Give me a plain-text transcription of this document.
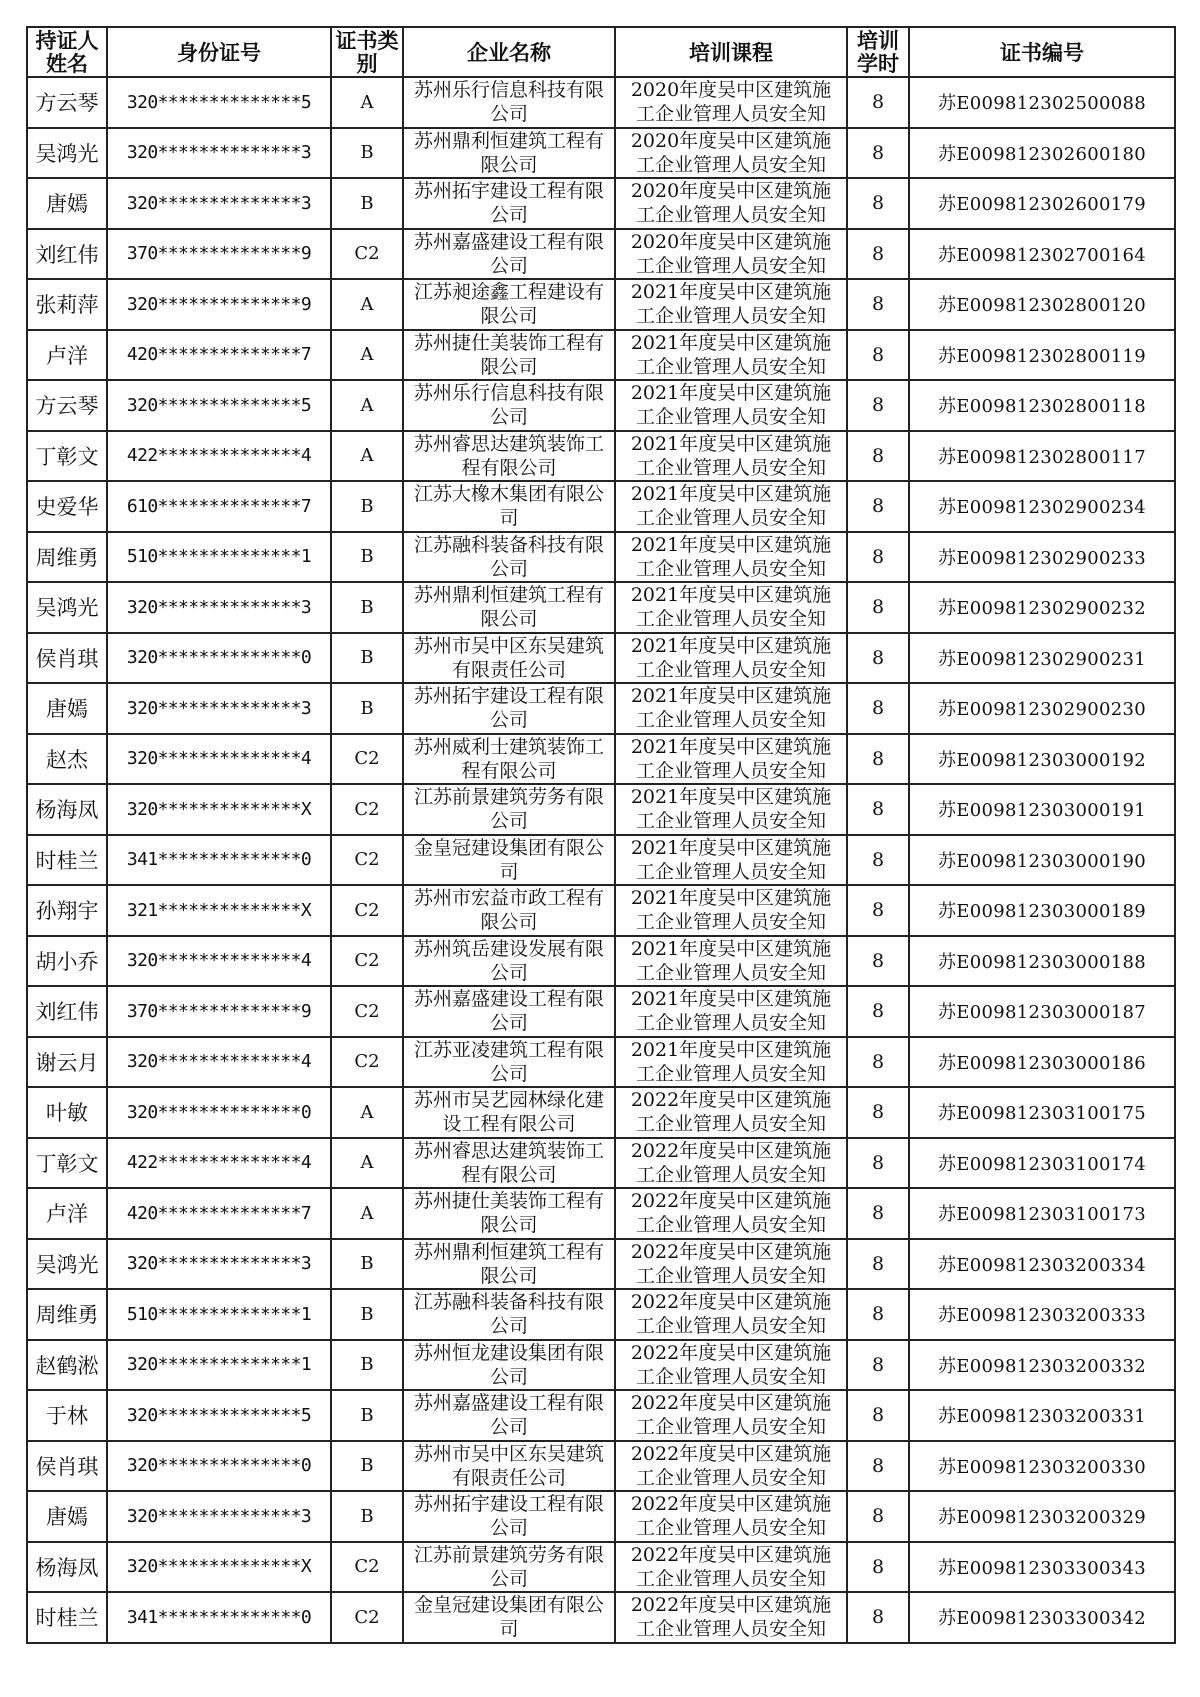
持证人姓名	身份证号	证书类别	企业名称	培训课程	培训学时	证书编号
方云琴	320**************5	A	苏州乐行信息科技有限公司	2020年度吴中区建筑施工企业管理人员安全知	8	苏E009812302500088
吴鸿光	320**************3	B	苏州鼎利恒建筑工程有限公司	2020年度吴中区建筑施工企业管理人员安全知	8	苏E009812302600180
唐嫣	320**************3	B	苏州拓宇建设工程有限公司	2020年度吴中区建筑施工企业管理人员安全知	8	苏E009812302600179
刘红伟	370**************9	C2	苏州嘉盛建设工程有限公司	2020年度吴中区建筑施工企业管理人员安全知	8	苏E009812302700164
张莉萍	320**************9	A	江苏昶途鑫工程建设有限公司	2021年度吴中区建筑施工企业管理人员安全知	8	苏E009812302800120
卢洋	420**************7	A	苏州捷仕美装饰工程有限公司	2021年度吴中区建筑施工企业管理人员安全知	8	苏E009812302800119
方云琴	320**************5	A	苏州乐行信息科技有限公司	2021年度吴中区建筑施工企业管理人员安全知	8	苏E009812302800118
丁彰文	422**************4	A	苏州睿思达建筑装饰工程有限公司	2021年度吴中区建筑施工企业管理人员安全知	8	苏E009812302800117
史爱华	610**************7	B	江苏大橡木集团有限公司	2021年度吴中区建筑施工企业管理人员安全知	8	苏E009812302900234
周维勇	510**************1	B	江苏融科装备科技有限公司	2021年度吴中区建筑施工企业管理人员安全知	8	苏E009812302900233
吴鸿光	320**************3	B	苏州鼎利恒建筑工程有限公司	2021年度吴中区建筑施工企业管理人员安全知	8	苏E009812302900232
侯肖琪	320**************0	B	苏州市吴中区东吴建筑有限责任公司	2021年度吴中区建筑施工企业管理人员安全知	8	苏E009812302900231
唐嫣	320**************3	B	苏州拓宇建设工程有限公司	2021年度吴中区建筑施工企业管理人员安全知	8	苏E009812302900230
赵杰	320**************4	C2	苏州威利士建筑装饰工程有限公司	2021年度吴中区建筑施工企业管理人员安全知	8	苏E009812303000192
杨海凤	320**************X	C2	江苏前景建筑劳务有限公司	2021年度吴中区建筑施工企业管理人员安全知	8	苏E009812303000191
时桂兰	341**************0	C2	金皇冠建设集团有限公司	2021年度吴中区建筑施工企业管理人员安全知	8	苏E009812303000190
孙翔宇	321**************X	C2	苏州市宏益市政工程有限公司	2021年度吴中区建筑施工企业管理人员安全知	8	苏E009812303000189
胡小乔	320**************4	C2	苏州筑岳建设发展有限公司	2021年度吴中区建筑施工企业管理人员安全知	8	苏E009812303000188
刘红伟	370**************9	C2	苏州嘉盛建设工程有限公司	2021年度吴中区建筑施工企业管理人员安全知	8	苏E009812303000187
谢云月	320**************4	C2	江苏亚凌建筑工程有限公司	2021年度吴中区建筑施工企业管理人员安全知	8	苏E009812303000186
叶敏	320**************0	A	苏州市吴艺园林绿化建设工程有限公司	2022年度吴中区建筑施工企业管理人员安全知	8	苏E009812303100175
丁彰文	422**************4	A	苏州睿思达建筑装饰工程有限公司	2022年度吴中区建筑施工企业管理人员安全知	8	苏E009812303100174
卢洋	420**************7	A	苏州捷仕美装饰工程有限公司	2022年度吴中区建筑施工企业管理人员安全知	8	苏E009812303100173
吴鸿光	320**************3	B	苏州鼎利恒建筑工程有限公司	2022年度吴中区建筑施工企业管理人员安全知	8	苏E009812303200334
周维勇	510**************1	B	江苏融科装备科技有限公司	2022年度吴中区建筑施工企业管理人员安全知	8	苏E009812303200333
赵鹤淞	320**************1	B	苏州恒龙建设集团有限公司	2022年度吴中区建筑施工企业管理人员安全知	8	苏E009812303200332
于林	320**************5	B	苏州嘉盛建设工程有限公司	2022年度吴中区建筑施工企业管理人员安全知	8	苏E009812303200331
侯肖琪	320**************0	B	苏州市吴中区东吴建筑有限责任公司	2022年度吴中区建筑施工企业管理人员安全知	8	苏E009812303200330
唐嫣	320**************3	B	苏州拓宇建设工程有限公司	2022年度吴中区建筑施工企业管理人员安全知	8	苏E009812303200329
杨海凤	320**************X	C2	江苏前景建筑劳务有限公司	2022年度吴中区建筑施工企业管理人员安全知	8	苏E009812303300343
时桂兰	341**************0	C2	金皇冠建设集团有限公司	2022年度吴中区建筑施工企业管理人员安全知	8	苏E009812303300342
